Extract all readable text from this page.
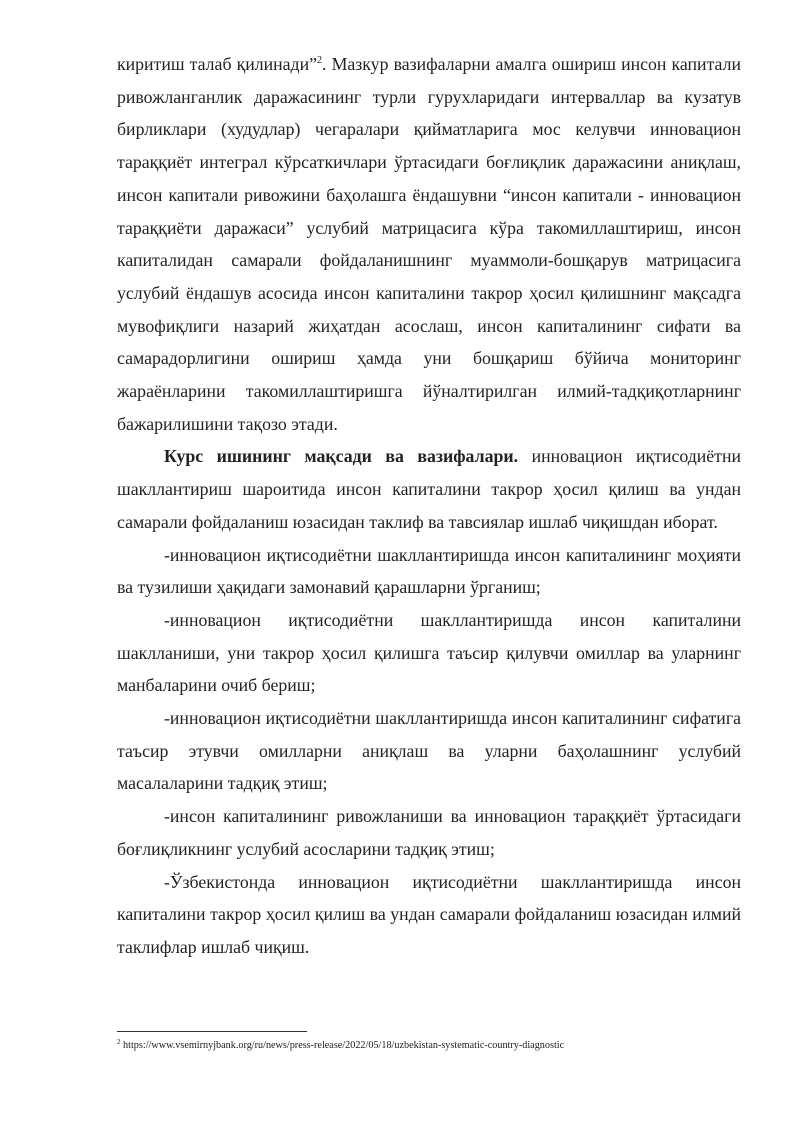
киритиш талаб қилинади”$^2$. Мазкур вазифаларни амалга ошириш инсон капитали ривожланганлик даражасининг турли гурухларидаги интерваллар ва кузатув бирликлари (худудлар) чегаралари қийматларига мос келувчи инновацион тараққиёт интеграл кўрсаткичлари ўртасидаги боғлиқлик даражасини аниқлаш, инсон капитали ривожини баҳолашга ёндашувни “инсон капитали - инновацион тараққиёти даражаси” услубий матрицасига кўра такомиллаштириш, инсон капиталидан самарали фойдаланишнинг муаммоли-бошқарув матрицасига услубий ёндашув асосида инсон капиталини такрор ҳосил қилишнинг мақсадга мувофиқлиги назарий жиҳатдан асослаш, инсон капиталининг сифати ва самарадорлигини ошириш ҳамда уни бошқариш бўйича мониторинг жараёнларини такомиллаштиришга йўналтирилган илмий-тадқиқотларнинг бажарилишини тақозо этади.

Курс ишининг мақсади ва вазифалари. инновацион иқтисодиётни шакллантириш шароитида инсон капиталини такрор ҳосил қилиш ва ундан самарали фойдаланиш юзасидан таклиф ва тавсиялар ишлаб чиқишдан иборат.

-инновацион иқтисодиётни шакллантиришда инсон капиталининг моҳияти ва тузилиши ҳақидаги замонавий қарашларни ўрганиш;

-инновацион иқтисодиётни шакллантиришда инсон капиталини шаклланиши, уни такрор ҳосил қилишга таъсир қилувчи омиллар ва уларнинг манбаларини очиб бериш;

-инновацион иқтисодиётни шакллантиришда инсон капиталининг сифатига таъсир этувчи омилларни аниқлаш ва уларни баҳолашнинг услубий масалаларини тадқиқ этиш;

-инсон капиталининг ривожланиши ва инновацион тараққиёт ўртасидаги боғлиқликнинг услубий асосларини тадқиқ этиш;

-Ўзбекистонда инновацион иқтисодиётни шакллантиришда инсон капиталини такрор ҳосил қилиш ва ундан самарали фойдаланиш юзасидан илмий таклифлар ишлаб чиқиш.

$^2$ https://www.vsemirnyjbank.org/ru/news/press-release/2022/05/18/uzbekistan-systematic-country-diagnostic
